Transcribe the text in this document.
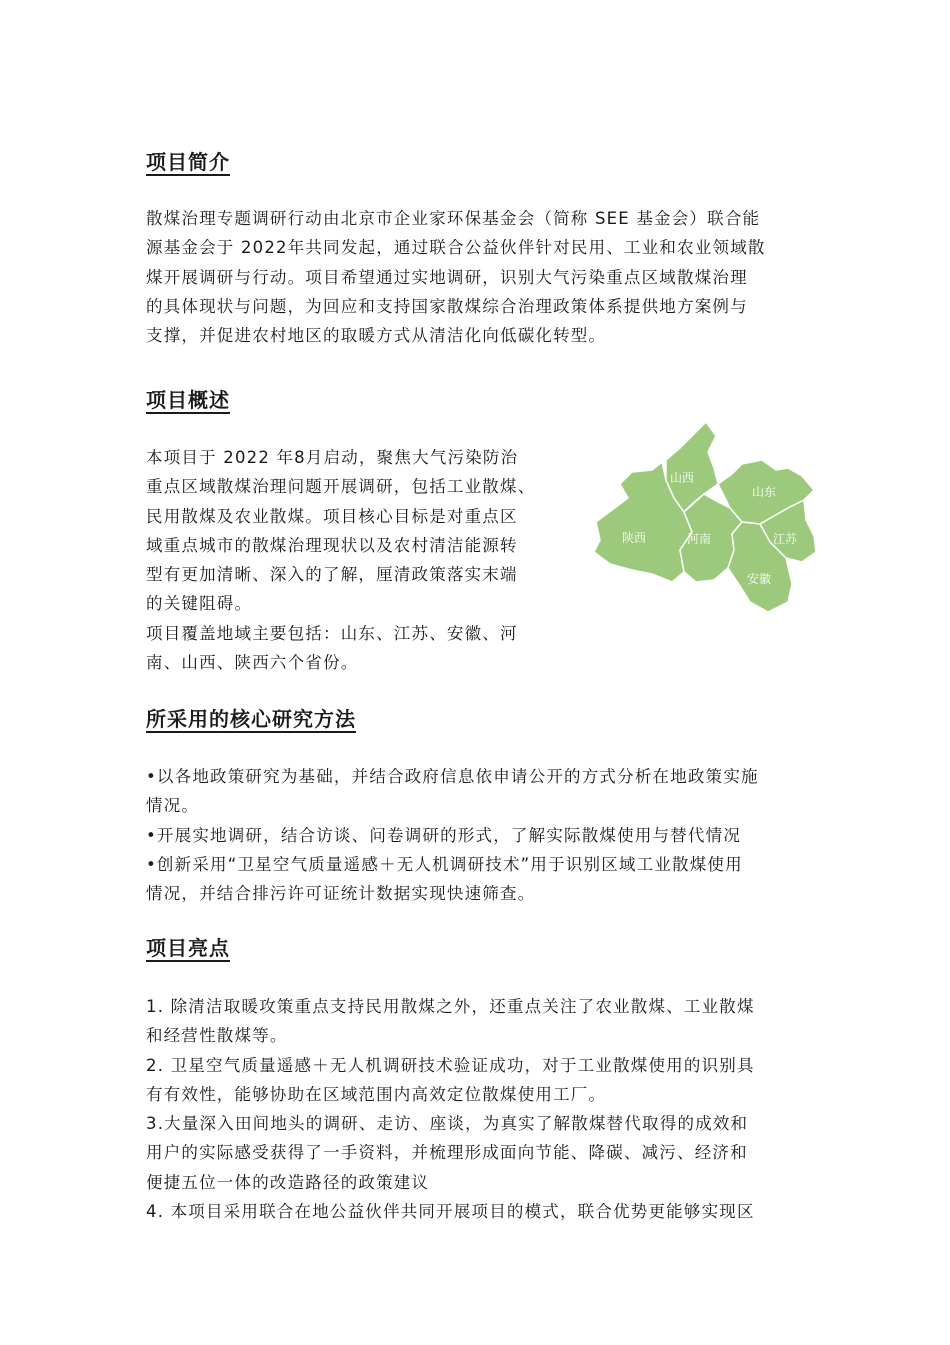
项目简介

散煤治理专题调研行动由北京市企业家环保基金会（简称 SEE 基金会）联合能

源基金会于 2022年共同发起，通过联合公益伙伴针对民用、工业和农业领域散

煤开展调研与行动。项目希望通过实地调研，识别大气污染重点区域散煤治理

的具体现状与问题，为回应和支持国家散煤综合治理政策体系提供地方案例与

支撑，并促进农村地区的取暖方式从清洁化向低碳化转型。

项目概述

本项目于 2022 年8月启动，聚焦大气污染防治

重点区域散煤治理问题开展调研，包括工业散煤、

民用散煤及农业散煤。项目核心目标是对重点区

域重点城市的散煤治理现状以及农村清洁能源转

型有更加清晰、深入的了解，厘清政策落实末端

的关键阻碍。

项目覆盖地域主要包括：山东、江苏、安徽、河

南、山西、陕西六个省份。

山西
山东
陕西	河南	江苏
安徽
所采用的核心研究方法

•以各地政策研究为基础，并结合政府信息依申请公开的方式分析在地政策实施

情况。

•开展实地调研，结合访谈、问卷调研的形式，了解实际散煤使用与替代情况

•创新采用“卫星空气质量遥感＋无人机调研技术”用于识别区域工业散煤使用

情况，并结合排污许可证统计数据实现快速筛查。

项目亮点

1. 除清洁取暖攻策重点支持民用散煤之外，还重点关注了农业散煤、工业散煤

和经营性散煤等。

2. 卫星空气质量遥感＋无人机调研技术验证成功，对于工业散煤使用的识别具

有有效性，能够协助在区域范围内高效定位散煤使用工厂。

3.大量深入田间地头的调研、走访、座谈，为真实了解散煤替代取得的成效和

用户的实际感受获得了一手资料，并梳理形成面向节能、降碳、减污、经济和

便捷五位一体的改造路径的政策建议

4. 本项目采用联合在地公益伙伴共同开展项目的模式，联合优势更能够实现区
